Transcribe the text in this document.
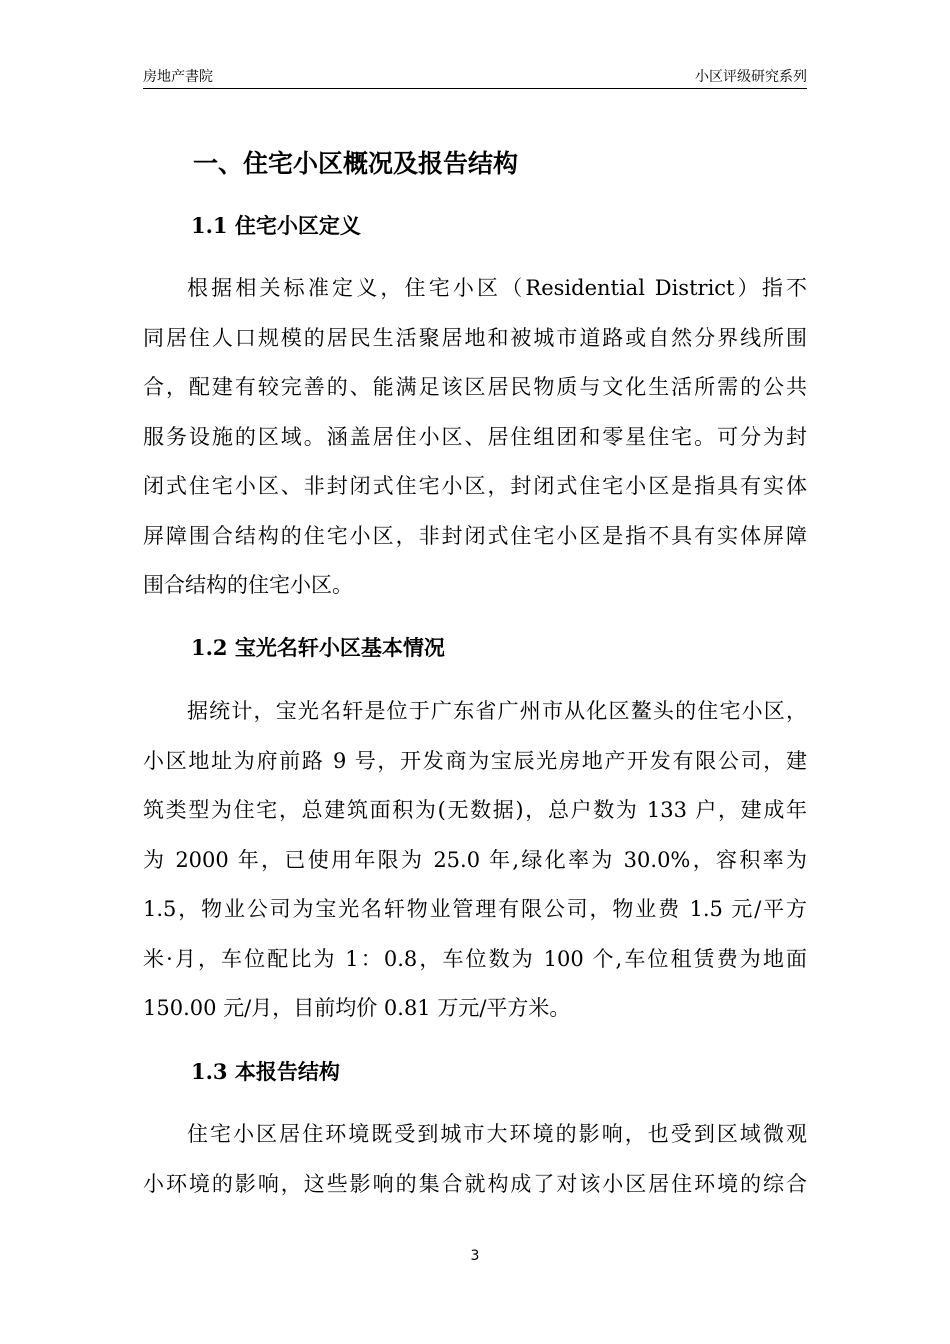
房地产書院	小区评级研究系列
一、住宅小区概况及报告结构
1.1 住宅小区定义
根据相关标准定义，住宅小区（Residential District）指不
同居住人口规模的居民生活聚居地和被城市道路或自然分界线所围
合，配建有较完善的、能满足该区居民物质与文化生活所需的公共
服务设施的区域。涵盖居住小区、居住组团和零星住宅。可分为封
闭式住宅小区、非封闭式住宅小区，封闭式住宅小区是指具有实体
屏障围合结构的住宅小区，非封闭式住宅小区是指不具有实体屏障
围合结构的住宅小区。
1.2 宝光名轩小区基本情况
据统计，宝光名轩是位于广东省广州市从化区鳌头的住宅小区，
小区地址为府前路 9 号，开发商为宝辰光房地产开发有限公司，建
筑类型为住宅，总建筑面积为(无数据)，总户数为 133 户，建成年
为 2000 年，已使用年限为 25.0 年,绿化率为 30.0%，容积率为
1.5，物业公司为宝光名轩物业管理有限公司，物业费 1.5 元/平方
米·月，车位配比为 1：0.8，车位数为 100 个,车位租赁费为地面
150.00 元/月，目前均价 0.81 万元/平方米。
1.3 本报告结构
住宅小区居住环境既受到城市大环境的影响，也受到区域微观
小环境的影响，这些影响的集合就构成了对该小区居住环境的综合
3
